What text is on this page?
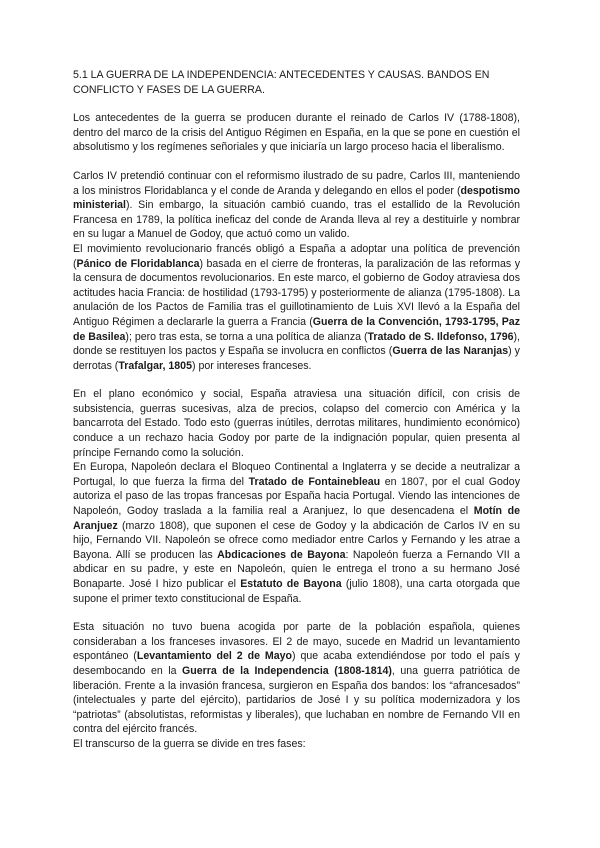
5.1 LA GUERRA DE LA INDEPENDENCIA: ANTECEDENTES Y CAUSAS. BANDOS EN CONFLICTO Y FASES DE LA GUERRA.

Los antecedentes de la guerra se producen durante el reinado de Carlos IV (1788-1808), dentro del marco de la crisis del Antiguo Régimen en España, en la que se pone en cuestión el absolutismo y los regímenes señoriales y que iniciaría un largo proceso hacia el liberalismo.

Carlos IV pretendió continuar con el reformismo ilustrado de su padre, Carlos III, manteniendo a los ministros Floridablanca y el conde de Aranda y delegando en ellos el poder (despotismo ministerial). Sin embargo, la situación cambió cuando, tras el estallido de la Revolución Francesa en 1789, la política ineficaz del conde de Aranda lleva al rey a destituirle y nombrar en su lugar a Manuel de Godoy, que actuó como un valido.

El movimiento revolucionario francés obligó a España a adoptar una política de prevención (Pánico de Floridablanca) basada en el cierre de fronteras, la paralización de las reformas y la censura de documentos revolucionarios. En este marco, el gobierno de Godoy atraviesa dos actitudes hacia Francia: de hostilidad (1793-1795) y posteriormente de alianza (1795-1808). La anulación de los Pactos de Familia tras el guillotinamiento de Luis XVI llevó a la España del Antiguo Régimen a declararle la guerra a Francia (Guerra de la Convención, 1793-1795, Paz de Basilea); pero tras esta, se torna a una política de alianza (Tratado de S. Ildefonso, 1796), donde se restituyen los pactos y España se involucra en conflictos (Guerra de las Naranjas) y derrotas (Trafalgar, 1805) por intereses franceses.

En el plano económico y social, España atraviesa una situación difícil, con crisis de subsistencia, guerras sucesivas, alza de precios, colapso del comercio con América y la bancarrota del Estado. Todo esto (guerras inútiles, derrotas militares, hundimiento económico) conduce a un rechazo hacia Godoy por parte de la indignación popular, quien presenta al príncipe Fernando como la solución.

En Europa, Napoleón declara el Bloqueo Continental a Inglaterra y se decide a neutralizar a Portugal, lo que fuerza la firma del Tratado de Fontainebleau en 1807, por el cual Godoy autoriza el paso de las tropas francesas por España hacia Portugal. Viendo las intenciones de Napoleón, Godoy traslada a la familia real a Aranjuez, lo que desencadena el Motín de Aranjuez (marzo 1808), que suponen el cese de Godoy y la abdicación de Carlos IV en su hijo, Fernando VII. Napoleón se ofrece como mediador entre Carlos y Fernando y les atrae a Bayona. Allí se producen las Abdicaciones de Bayona: Napoleón fuerza a Fernando VII a abdicar en su padre, y este en Napoleón, quien le entrega el trono a su hermano José Bonaparte. José I hizo publicar el Estatuto de Bayona (julio 1808), una carta otorgada que supone el primer texto constitucional de España.

Esta situación no tuvo buena acogida por parte de la población española, quienes consideraban a los franceses invasores. El 2 de mayo, sucede en Madrid un levantamiento espontáneo (Levantamiento del 2 de Mayo) que acaba extendiéndose por todo el país y desembocando en la Guerra de la Independencia (1808-1814), una guerra patriótica de liberación. Frente a la invasión francesa, surgieron en España dos bandos: los “afrancesados” (intelectuales y parte del ejército), partidarios de José I y su política modernizadora y los “patriotas” (absolutistas, reformistas y liberales), que luchaban en nombre de Fernando VII en contra del ejército francés.

El transcurso de la guerra se divide en tres fases:
